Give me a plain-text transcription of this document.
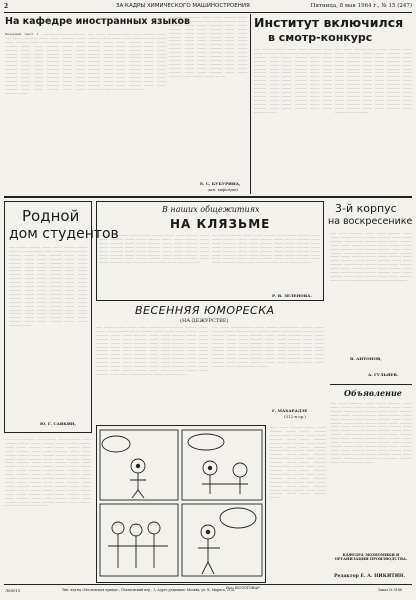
2	ЗА КАДРЫ ХИМИЧЕСКОГО МАШИНОСТРОЕНИЯ	Пятница, 8 мая 1964 г., № 15 (247)
На кафедре иностранных языков
Вечерний текст 1 …………………………………… …… ……… ………… ……… ……… ………… ……… ……… ………… ……… ……… ………… ……… ……… ………… ……… ……… ………… ……… ……… ………… ……… ……… ………… ……… ……… ………… ……… ……… ………… ……… ……… ………… ……… ……… ………… ……… ……… ………… ……… ……… ………… ……… ……… ………… ……… ……… ………… ……… ……… ………… ……… ……… ………… ……… ……… ………… ……… ……… ………… ……… ……… ………… ……… ……… ………… ……… ……… ………… ……… ……… ………… ……… ……… ………… ……… ……… ………… ……… ……… ………… ……… ……… ………… ……… ……… ………… ………
…… ……… ………… ……… ……… ………… ……… ……… ………… ……… ……… ………… ……… ……… ………… ……… ……… ………… ……… ……… ………… ……… ……… ………… ……… ……… ………… ……… ……… ………… ……… ……… ………… ……… ……… ………… ……… ……… ………… ……… ……… ………… ……… ……… ………… ……… ……… ………… ……… ……… ………… ……… ……… ………… ……… ……… ………… ……… ……… ………… ……… ……… ………… ……… ……… ………… ……… ……… ………… ……… ……… ………… ……… ……… ………… ……… ……… ………… ……… ……… ………… ……… ……… ………… ……… ……… ………… ……… ……… ………… ………
…… ……… ………… ……… ……… ………… ……… ……… ………… ……… ……… ………… ……… ……… ………… ……… ……… ………… ……… ……… ………… ……… ……… ………… ……… ……… ………… ……… ……… ………… ……… ……… ………… ……… ……… ………… ……… ……… ………… ……… ……… ………… ……… ……… ………… ……… ……… ………… ……… ……… ………… ……… ……… ………… ……… ……… ………… ……… ……… ………… ……… ……… ………… ……… ……… ………… ……… ……… ………… ……… ……… ………… ……… ……… ………… ……… ……… ………… ……… ……… ………… ……… ……… ………… ……… ……… ………… ……… ……… ………… ……… ……… ………… ……… ……… ………… ………
Е. С. БУБУРИНА,
зав. кафедрой.
Институт включился
в смотр-конкурс
…… ……… ………… ……… ……… ………… ……… ……… ………… ……… ……… ………… ……… ……… ………… ……… ……… ………… ……… ……… ………… ……… ……… ………… ……… ……… ………… ……… ……… ………… ……… ……… ………… ……… ……… ………… ……… ……… ………… ……… ……… ………… ……… ……… ………… ……… ……… ………… ……… ……… ………… ……… ……… ………… ……… ……… ………… ……… ……… ………… ……… ……… ………… ……… ……… ………… ……… ……… ………… ……… ……… ………… ……… ……… ………… ……… ……… ………… ……… ……… ………… ……… ……… ………… ……… ……… ………… ……… ……… ………… ……… ……… ………… ……… ……… ………… ……… ……… ………… ………
…… ……… ………… ……… ……… ………… ……… ……… ………… ……… ……… ………… ……… ……… ………… ……… ……… ………… ……… ……… ………… ……… ……… ………… ……… ……… ………… ……… ……… ………… ……… ……… ………… ……… ……… ………… ……… ……… ………… ……… ……… ………… ……… ……… ………… ……… ……… ………… ……… ……… ………… ……… ……… ………… ……… ……… ………… ……… ……… ………… ……… ……… ………… ……… ……… ………… ……… ……… ………… ……… ……… ………… ……… ……… ………… ……… ……… ………… ……… ……… ………… ……… ……… ………… ……… ……… ………… ……… ……… ………… ……… ……… ………… ……… ……… ………… ……… ……… ………… ………
Родной
дом студентов
…… ……… ………… ……… ……… ………… ……… ……… ………… ……… ……… ………… ……… ……… ………… ……… ……… ………… ……… ……… ………… ……… ……… ………… ……… ……… ………… ……… ……… ………… ……… ……… ………… ……… ……… ………… ……… ……… ………… ……… ……… ………… ……… ……… ………… ……… ……… ………… ……… ……… ………… ……… ……… ………… ……… ……… ………… ……… ……… ………… ……… ……… ………… ……… ……… ………… ……… ……… ………… ……… ……… ………… ……… ……… ………… ……… ……… ………… ……… ……… ………… ……… ……… ………… ……… ……… ………… ……… ……… ………… ……… ……… ………… ……… ……… ………… ……… ……… ………… ……… ……… ………… ……… ……… ………… ……… ……… ………… ……… ……… ………… ……… ……… ………… ……… ……… ………… ……… ……… ………… ……… ……… ………… ………
В наших общежитиях
НА КЛЯЗЬМЕ
…… ……… ………… ……… ……… ………… ……… ……… ………… ……… ……… ………… ……… ……… ………… ……… ……… ………… ……… ……… ………… ……… ……… ………… ……… ……… ………… ……… ……… ………… ……… ……… ………… ……… ……… ………… ……… ……… ………… ……… ……… ………… ……… ……… ………… ……… ……… ………… ……… ……… ………… ……… ……… ………… ……… ……… ………… ……… ……… ………… ……… ……… ………… ……… ……… ………… ……… ……… ………… ……… ……… ………… ………
…… ……… ………… ……… ……… ………… ……… ……… ………… ……… ……… ………… ……… ……… ………… ……… ……… ………… ……… ……… ………… ……… ……… ………… ……… ……… ………… ……… ……… ………… ……… ……… ………… ……… ……… ………… ……… ……… ………… ……… ……… ………… ……… ……… ………… ……… ……… ………… ……… ……… ………… ……… ……… ………… ……… ……… ………… ……… ……… ………… ……… ……… ………… ……… ……… ………… ……… ……… ………… ……… ……… ………… ………
Р. В. ЗЕЛЕНОВА.
3-й корпус
на воскресенике
…… ……… ………… ……… ……… ………… ……… ……… ………… ……… ……… ………… ……… ……… ………… ……… ……… ………… ……… ……… ………… ……… ……… ………… ……… ……… ………… ……… ……… ………… ……… ……… ………… ……… ……… ………… ……… ……… ………… ……… ……… ………… ……… ……… ………… ……… ……… ………… ……… ……… ………… ……… ……… ………… ……… ……… ………… ……… ……… ………… ……… ……… ………… ……… ……… ………… ……… ……… ………… ……… ……… ………… ……… ……… ………… ……… ……… ………… ……… ……… ………… ……… ……… ………… ……… ……… ………… ……… ……… ………… ………
В. АНТОНОВ,
А. ГУЛЬЯЕВ.
Ю. Г. САВКИН,
ВЕСЕННЯЯ ЮМОРЕСКА
(НА ДЕЖУРСТВЕ)
…… ……… ………… ……… ……… ………… ……… ……… ………… ……… ……… ………… ……… ……… ………… ……… ……… ………… ……… ……… ………… ……… ……… ………… ……… ……… ………… ……… ……… ………… ……… ……… ………… ……… ……… ………… ……… ……… ………… ……… ……… ………… ……… ……… ………… ……… ……… ………… ……… ……… ………… ……… ……… ………… ……… ……… ………… ……… ……… ………… ……… ……… ………… ……… ……… ………… ……… ……… ………… ……… ……… ………… ……… ……… ………… ……… ……… ………… ……… ……… ………… ……… ……… ………… ……… ……… ………… ……… ……… ………… ……… ……… ………… ……… ……… ………… ……… ……… ………… ……… ……… ………… ……… ……… ………… ……… ……… ………… ……… ……… ………… ……… ……… ………… ……… ……… ………… ………
…… ……… ………… ……… ……… ………… ……… ……… ………… ……… ……… ………… ……… ……… ………… ……… ……… ………… ……… ……… ………… ……… ……… ………… ……… ……… ………… ……… ……… ………… ……… ……… ………… ……… ……… ………… ……… ……… ………… ……… ……… ………… ……… ……… ………… ……… ……… ………… ……… ……… ………… ……… ……… ………… ……… ……… ………… ……… ……… ………… ……… ……… ………… ……… ……… ………… ……… ……… ………… ……… ……… ………… ……… ……… ………… ……… ……… ………… ……… ……… ………… ……… ……… ………… ……… ……… ………… ……… ……… ………… ……… ……… ………… ……… ……… ………… ………
Г. МАХАРАДЗЕ
(312-я гр.)
Рис. ВОЛОТОВАР.
…… ……… ………… ……… ……… ………… ……… ……… ………… ……… ……… ………… ……… ……… ………… ……… ……… ………… ……… ……… ………… ……… ……… ………… ……… ……… ………… ……… ……… ………… ……… ……… ………… ……… ……… ………… ……… ……… ………… ……… ……… ………… ……… ……… ………… ……… ……… ………… ……… ……… ………… ……… ……… ………… ……… ……… ………… ……… ……… ………… ……… ……… ………… ……… ……… ………… ……… ……… ………… ……… ……… ………… ……… ……… ………… ……… ……… ………… ……… ……… ………… ……… ……… ………… ……… ……… ………… ……… ……… ………… ……… ……… ………… ……… ……… ………… ……… ……… ………… ……… ……… ………… ……… ……… ………… ……… ……… ………… ……… ……… ………… ……… ……… ………… ……… ……… ………… ……… ……… ………… ……… ……… ………… ………
…… ……… ………… ……… ……… ………… ……… ……… ………… ……… ……… ………… ……… ……… ………… ……… ……… ………… ……… ……… ………… ……… ……… ………… ……… ……… ………… ……… ……… ………… ……… ……… ………… ……… ……… ………… ……… ……… ………… ……… ……… ………… ……… ……… ………… ……… ……… ………… ……… ……… ………… ……… ……… ………… ……… ……… ………… ……… ……… ………… ……… ……… ………… ……… ……… ………… ……… ……… ………… ……… ……… ………… ……… ……… ………… ……… ……… ………… ……… ……… ………… ………
Объявление
…… ……… ………… ……… ……… ………… ……… ……… ………… ……… ……… ………… ……… ……… ………… ……… ……… ………… ……… ……… ………… ……… ……… ………… ……… ……… ………… ……… ……… ………… ……… ……… ………… ……… ……… ………… ……… ……… ………… ……… ……… ………… ……… ……… ………… ……… ……… ………… ……… ……… ………… ……… ……… ………… ……… ……… ………… ……… ……… ………… ……… ……… ………… ……… ……… ………… ……… ……… ………… ……… ……… ………… ……… ……… ………… ……… ……… ………… ……… ……… ………… ……… ……… ………… ……… ……… ………… ……… ……… ………… ……… ……… ………… ……… ……… ………… ……… ……… ………… ……… ……… ………… ……… ……… ………… ……… ……… ………… ………
КАФЕДРА ЭКОНОМИКИ И ОРГАНИЗАЦИИ ПРОИЗВОДСТВА.
Редактор Е. А. НИКИТИН.
Л60019	Тип. изд-ва «Московская правда», Потаповский пер., 3. Адрес редакции: Москва, ул. К. Маркса, 21/4.	Заказ № 3186
